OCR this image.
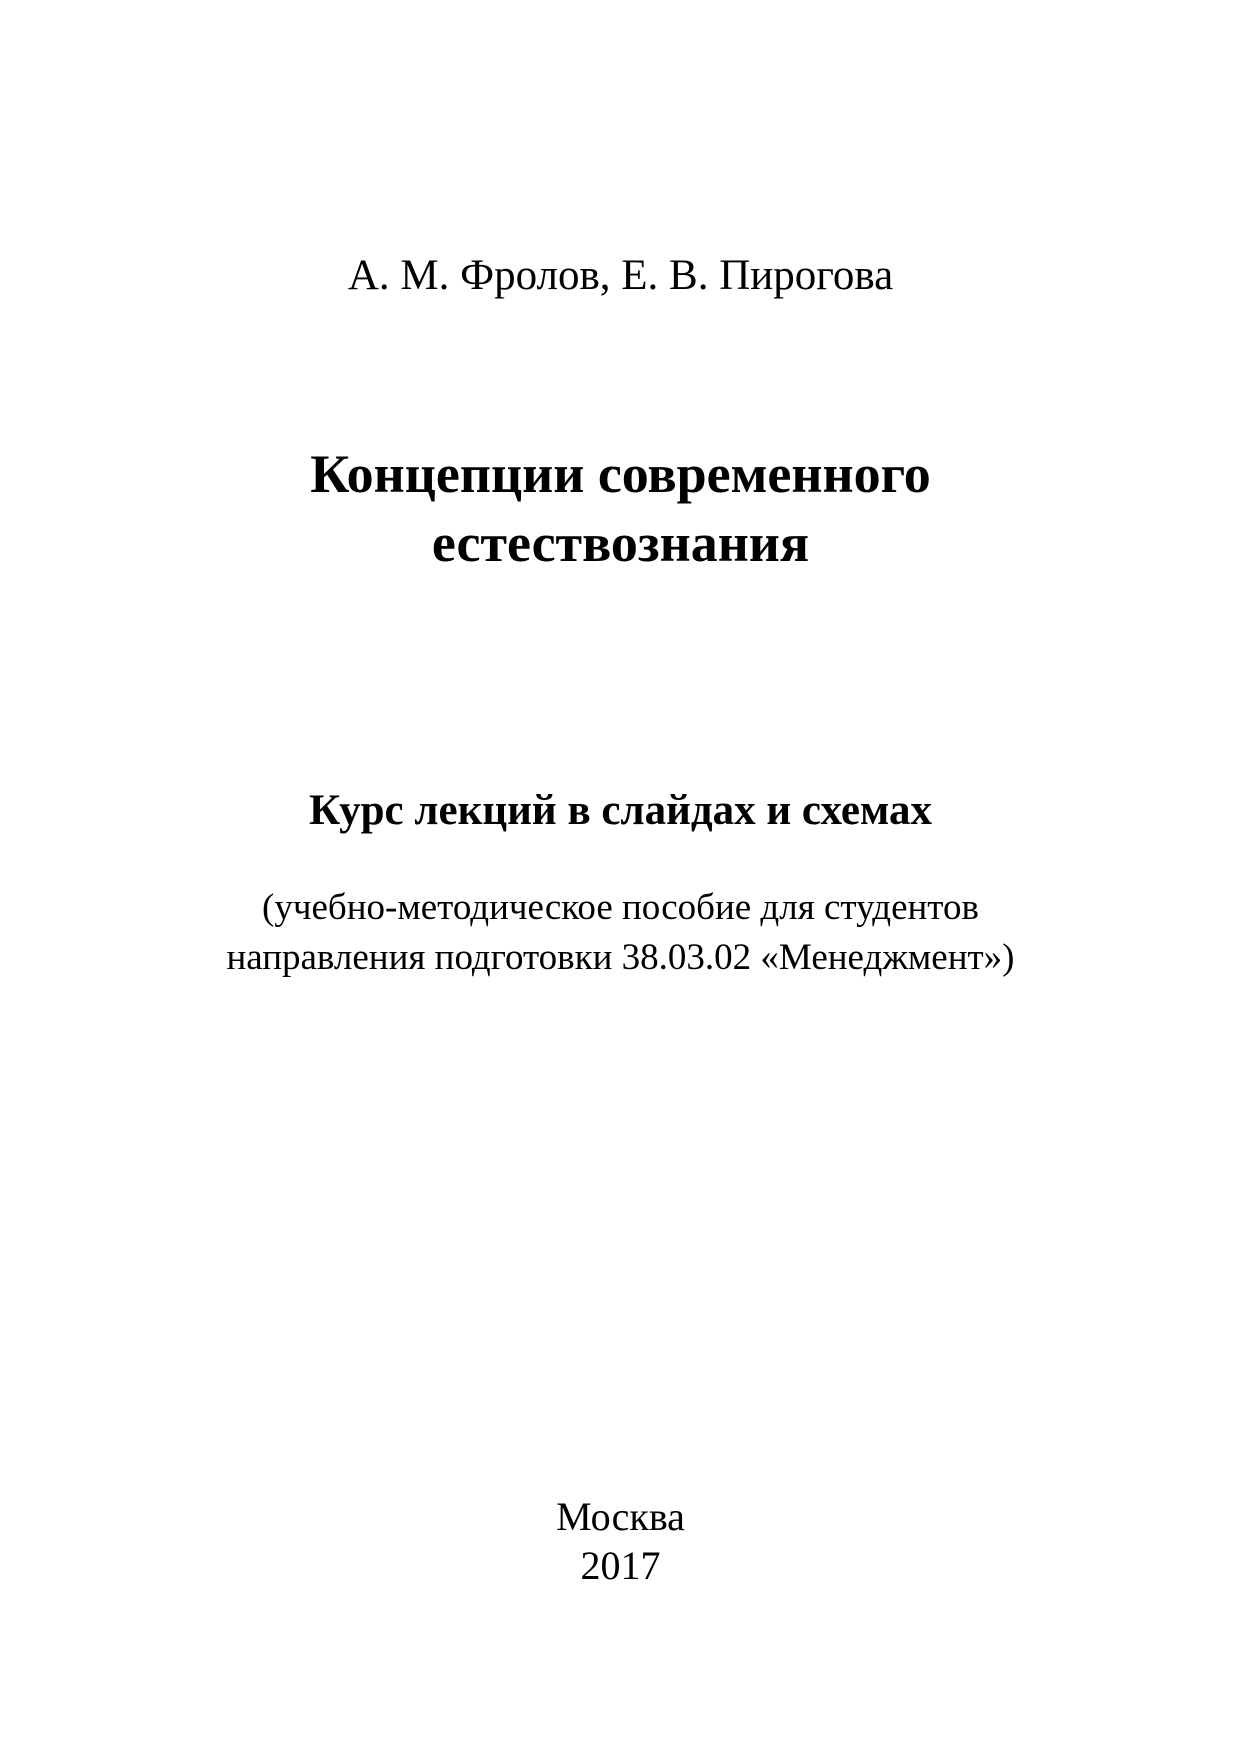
А. М. Фролов, Е. В. Пирогова
Концепции современного
естествознания
Курс лекций в слайдах и схемах
(учебно-методическое пособие для студентов
направления подготовки 38.03.02 «Менеджмент»)
Москва
2017
